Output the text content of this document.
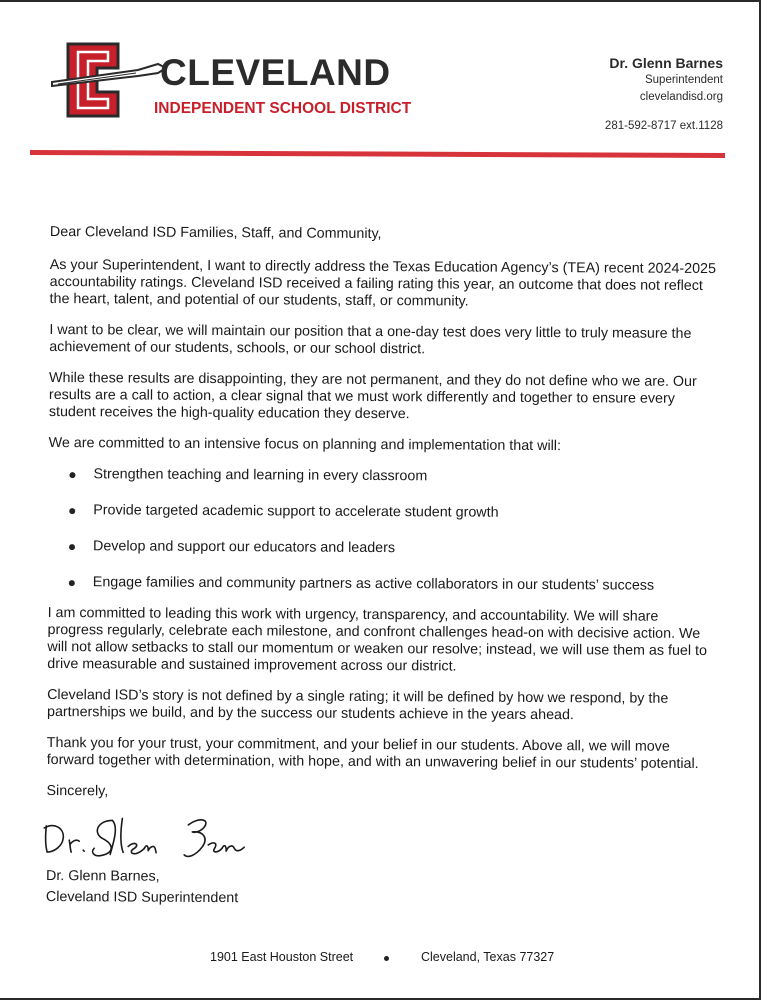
CLEVELAND
INDEPENDENT SCHOOL DISTRICT
Dr. Glenn Barnes
Superintendent
clevelandisd.org
281-592-8717 ext.1128

Dear Cleveland ISD Families, Staff, and Community,

As your Superintendent, I want to directly address the Texas Education Agency’s (TEA) recent 2024-2025 accountability ratings. Cleveland ISD received a failing rating this year, an outcome that does not reflect the heart, talent, and potential of our students, staff, or community.

I want to be clear, we will maintain our position that a one-day test does very little to truly measure the achievement of our students, schools, or our school district.

While these results are disappointing, they are not permanent, and they do not define who we are. Our results are a call to action, a clear signal that we must work differently and together to ensure every student receives the high-quality education they deserve.

We are committed to an intensive focus on planning and implementation that will:

Strengthen teaching and learning in every classroom
Provide targeted academic support to accelerate student growth
Develop and support our educators and leaders
Engage families and community partners as active collaborators in our students’ success

I am committed to leading this work with urgency, transparency, and accountability. We will share progress regularly, celebrate each milestone, and confront challenges head-on with decisive action. We will not allow setbacks to stall our momentum or weaken our resolve; instead, we will use them as fuel to drive measurable and sustained improvement across our district.

Cleveland ISD’s story is not defined by a single rating; it will be defined by how we respond, by the partnerships we build, and by the success our students achieve in the years ahead.

Thank you for your trust, your commitment, and your belief in our students. Above all, we will move forward together with determination, with hope, and with an unwavering belief in our students’ potential.

Sincerely,

Dr. Glenn Barnes,

Cleveland ISD Superintendent

1901 East Houston Street	Cleveland, Texas 77327
